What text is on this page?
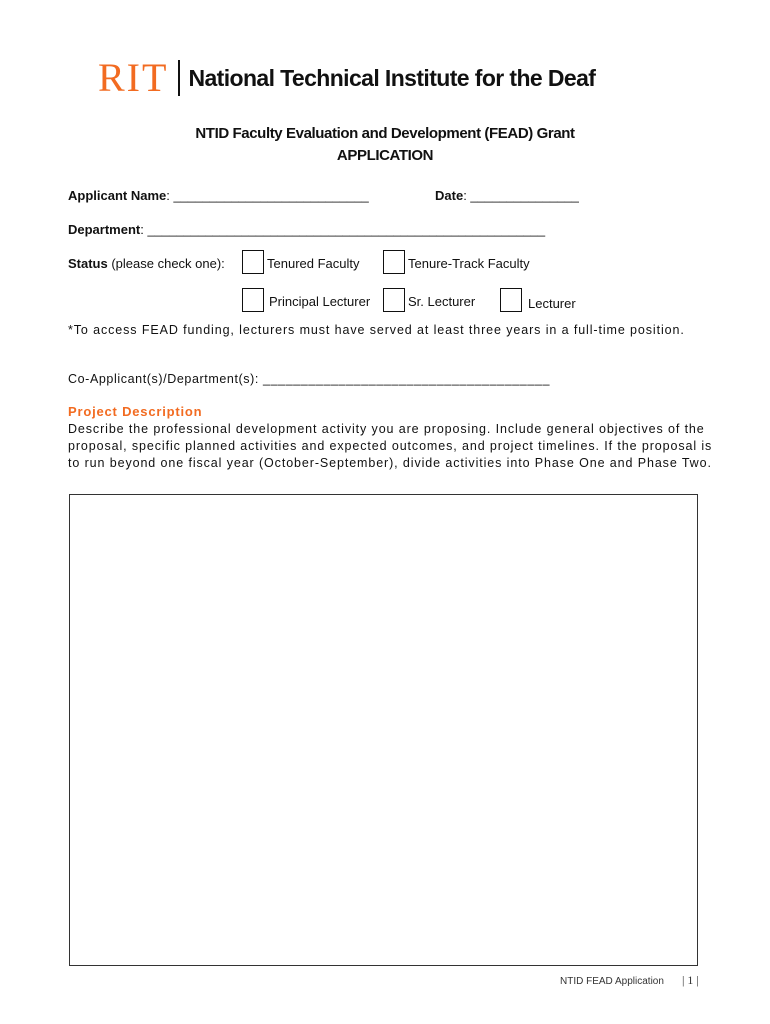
RIT National Technical Institute for the Deaf
NTID Faculty Evaluation and Development (FEAD) Grant
APPLICATION
Applicant Name: ___________________________	Date: _______________
Department: _______________________________________________________
Status (please check one):	Tenured Faculty	Tenure-Track Faculty
Principal Lecturer	Sr. Lecturer	Lecturer
*To access FEAD funding, lecturers must have served at least three years in a full-time position.
Co-Applicant(s)/Department(s): ______________________________________
Project Description
Describe the professional development activity you are proposing. Include general objectives of the proposal, specific planned activities and expected outcomes, and project timelines. If the proposal is to run beyond one fiscal year (October-September), divide activities into Phase One and Phase Two.
NTID FEAD Application | 1 |
